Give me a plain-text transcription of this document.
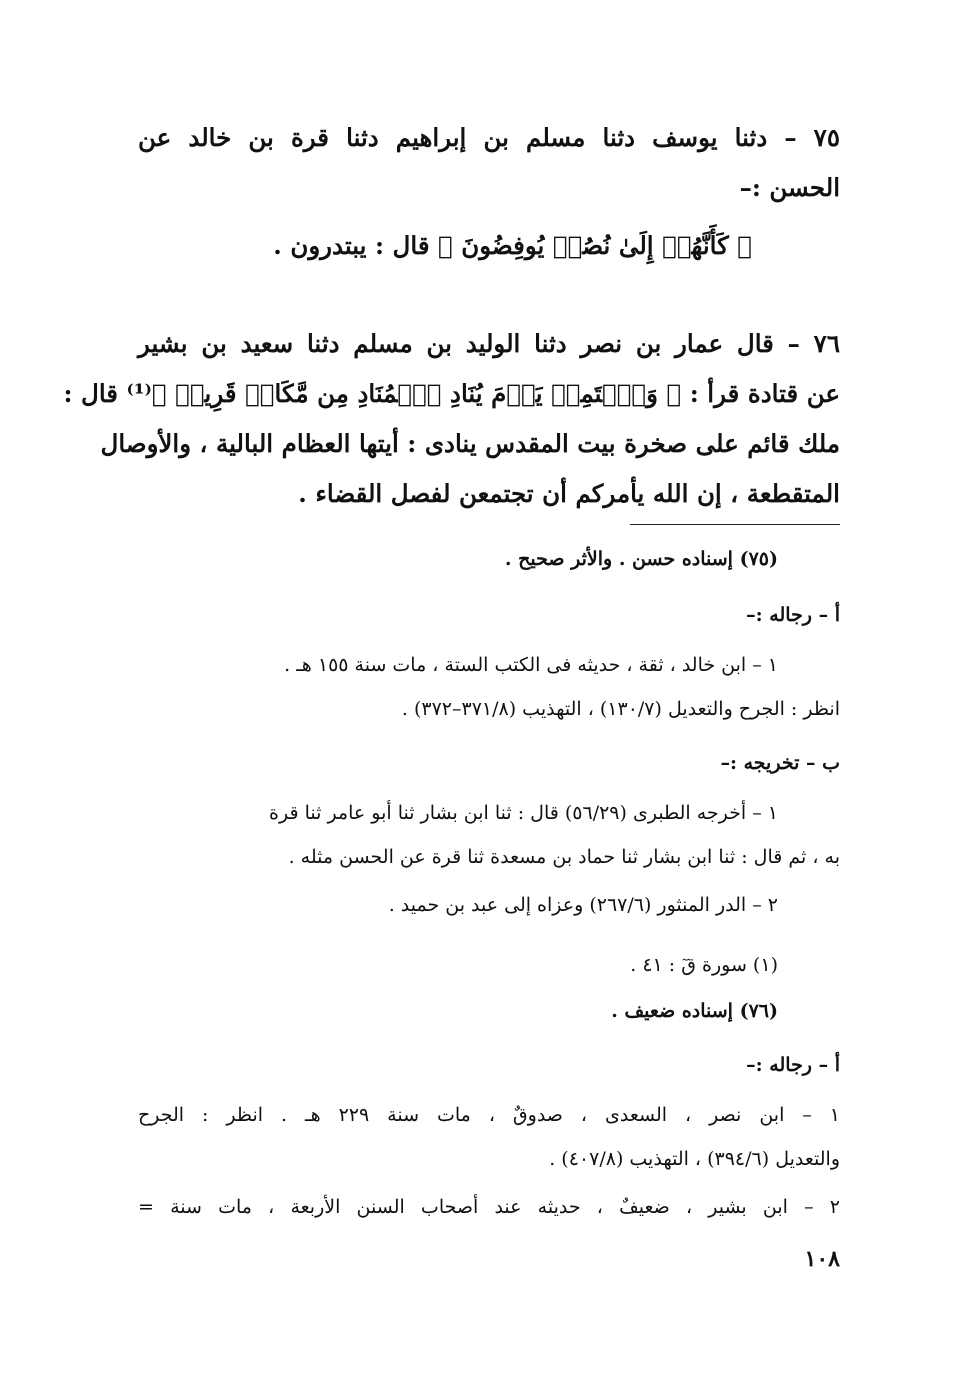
٧٥ – دثنا يوسف دثنا مسلم بن إبراهيم دثنا قرة بن خالد عن
الحسن :–
﴿ كَأَنَّهُمۡ إِلَىٰ نُصُبٖ يُوفِضُونَ ﴾ قال : يبتدرون .
٧٦ – قال عمار بن نصر دثنا الوليد بن مسلم دثنا سعيد بن بشير
عن قتادة قرأ : ﴿ وَٱسۡتَمِعۡ يَوۡمَ يُنَادِ ٱلۡمُنَادِ مِن مَّكَانٖ قَرِيبٖ ﴾⁽¹⁾ قال :
ملك قائم على صخرة بيت المقدس ينادى : أيتها العظام البالية ، والأوصال
المتقطعة ، إن الله يأمركم أن تجتمعن لفصل القضاء .
(٧٥) إسناده حسن . والأثر صحيح .
أ – رجاله :–
١ – ابن خالد ، ثقة ، حديثه فى الكتب الستة ، مات سنة ١٥٥ هـ .
انظر : الجرح والتعديل (١٣٠/٧) ، التهذيب (٣٧١/٨–٣٧٢) .
ب – تخريجه :–
١ – أخرجه الطبرى (٥٦/٢٩) قال : ثنا ابن بشار ثنا أبو عامر ثنا قرة
به ، ثم قال : ثنا ابن بشار ثنا حماد بن مسعدة ثنا قرة عن الحسن مثله .
٢ – الدر المنثور (٢٦٧/٦) وعزاه إلى عبد بن حميد .
(١) سورة قٓ : ٤١ .
(٧٦) إسناده ضعيف .
أ – رجاله :–
١ – ابن نصر ، السعدى ، صدوقٌ ، مات سنة ٢٢٩ هـ . انظر : الجرح
والتعديل (٣٩٤/٦) ، التهذيب (٤٠٧/٨) .
٢ – ابن بشير ، ضعيفٌ ، حديثه عند أصحاب السنن الأربعة ، مات سنة =
١٠٨
